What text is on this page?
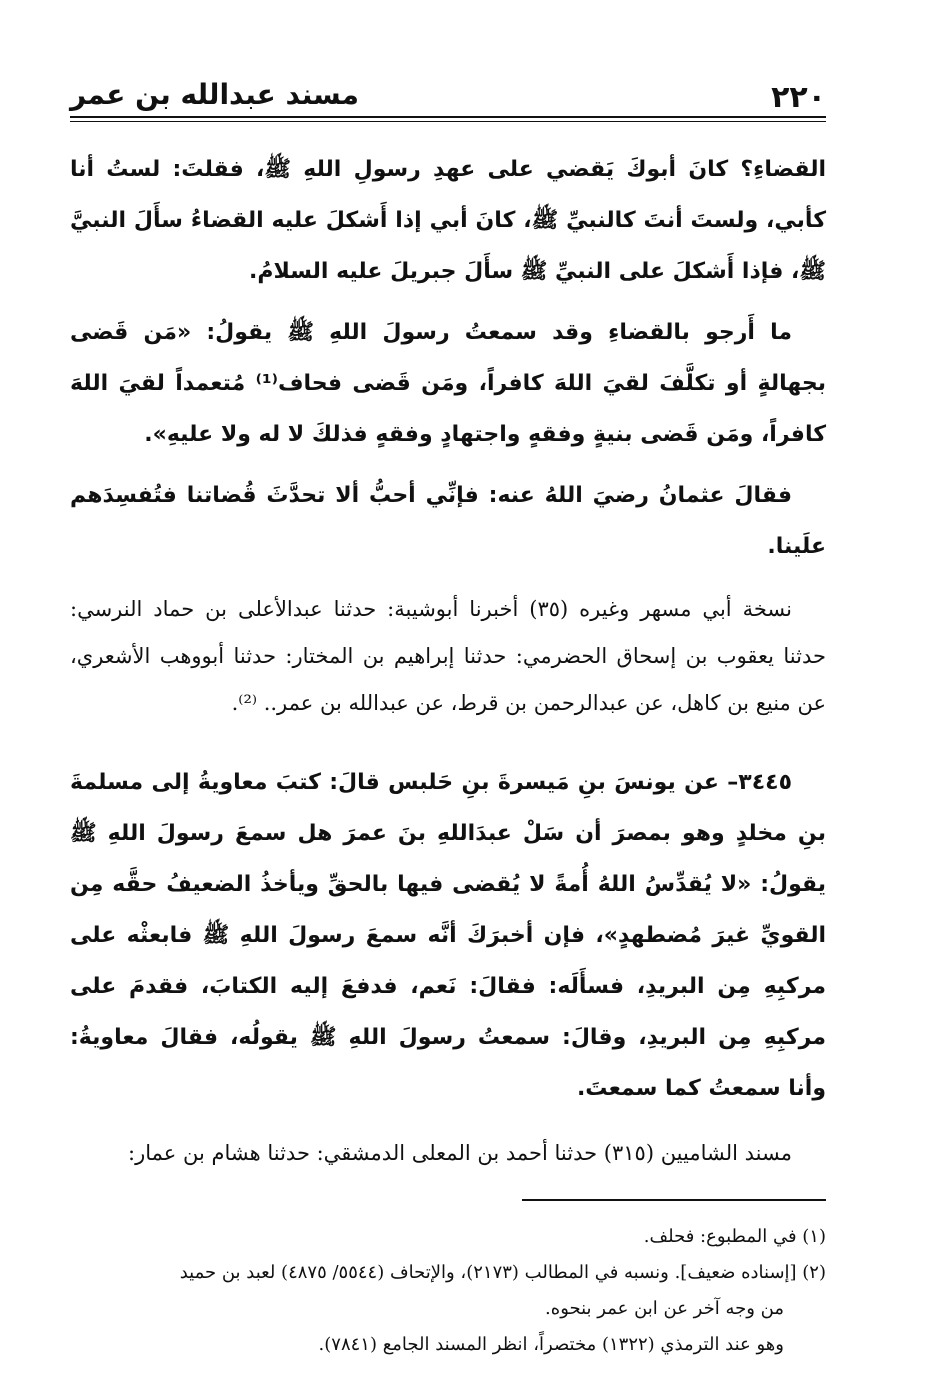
٢٢٠
مسند عبدالله بن عمر

القضاءِ؟ كانَ أبوكَ يَقضي على عهدِ رسولِ اللهِ ﷺ، فقلتَ: لستُ أنا كأبي، ولستَ أنتَ كالنبيِّ ﷺ، كانَ أبي إذا أَشكلَ عليه القضاءُ سأَلَ النبيَّ ﷺ، فإذا أَشكلَ على النبيِّ ﷺ سأَلَ جبريلَ عليه السلامُ.

ما أَرجو بالقضاءِ وقد سمعتُ رسولَ اللهِ ﷺ يقولُ: «مَن قَضى بجهالةٍ أو تكلَّفَ لقيَ اللهَ كافراً، ومَن قَضى فحاف⁽¹⁾ مُتعمداً لقيَ اللهَ كافراً، ومَن قَضى بنيةٍ وفقهٍ واجتهادٍ وفقهٍ فذلكَ لا له ولا عليهِ».

فقالَ عثمانُ رضيَ اللهُ عنه: فإنِّي أحبُّ ألا تحدَّثَ قُضاتنا فتُفسِدَهم علَينا.

نسخة أبي مسهر وغيره (٣٥) أخبرنا أبوشيبة: حدثنا عبدالأعلى بن حماد النرسي: حدثنا يعقوب بن إسحاق الحضرمي: حدثنا إبراهيم بن المختار: حدثنا أبووهب الأشعري، عن منيع بن كاهل، عن عبدالرحمن بن قرط، عن عبدالله بن عمر.. ⁽²⁾.

٣٤٤٥– عن يونسَ بنِ مَيسرةَ بنِ حَلبس قالَ: كتبَ معاويةُ إلى مسلمةَ بنِ مخلدٍ وهو بمصرَ أن سَلْ عبدَاللهِ بنَ عمرَ هل سمعَ رسولَ اللهِ ﷺ يقولُ: «لا يُقدِّسُ اللهُ أُمةً لا يُقضى فيها بالحقِّ ويأخذُ الضعيفُ حقَّه مِن القويِّ غيرَ مُضطهدٍ»، فإن أخبرَكَ أنَّه سمعَ رسولَ اللهِ ﷺ فابعثْه على مركبِهِ مِن البريدِ، فسأَلَه: فقالَ: نَعم، فدفعَ إليه الكتابَ، فقدمَ على مركبِهِ مِن البريدِ، وقالَ: سمعتُ رسولَ اللهِ ﷺ يقولُه، فقالَ معاويةُ: وأنا سمعتُ كما سمعتَ.

مسند الشاميين (٣١٥) حدثنا أحمد بن المعلى الدمشقي: حدثنا هشام بن عمار:

(١) في المطبوع: فحلف.

(٢) [إسناده ضعيف]. ونسبه في المطالب (٢١٧٣)، والإتحاف (٥٥٤٤/ ٤٨٧٥) لعبد بن حميد

من وجه آخر عن ابن عمر بنحوه.

وهو عند الترمذي (١٣٢٢) مختصراً، انظر المسند الجامع (٧٨٤١).
